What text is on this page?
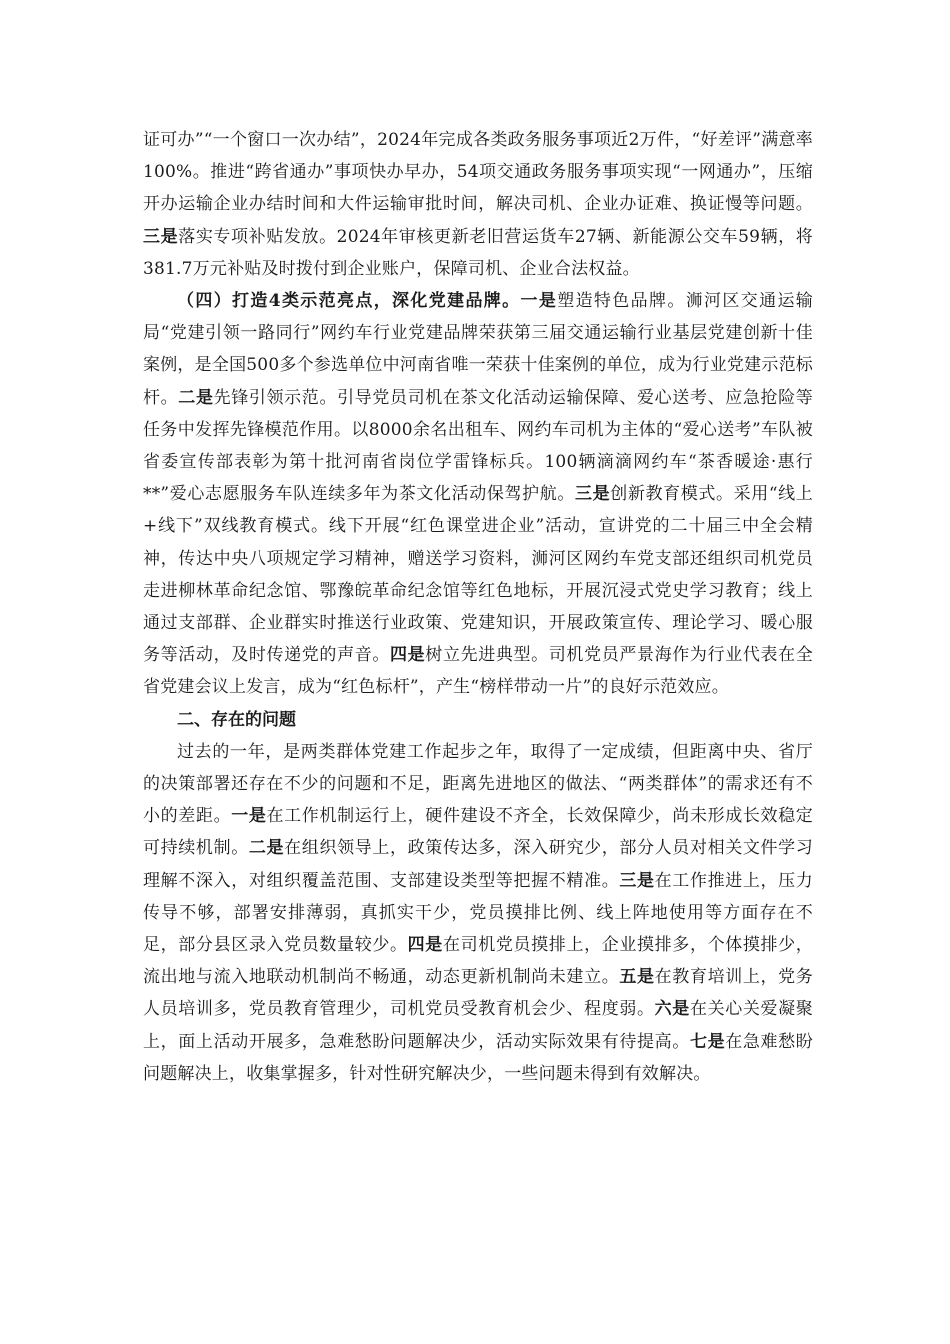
证可办”“一个窗口一次办结”，2024年完成各类政务服务事项近2万件，“好差评”满意率100%。推进“跨省通办”事项快办早办，54项交通政务服务事项实现“一网通办”，压缩开办运输企业办结时间和大件运输审批时间，解决司机、企业办证难、换证慢等问题。三是落实专项补贴发放。2024年审核更新老旧营运货车27辆、新能源公交车59辆，将381.7万元补贴及时拨付到企业账户，保障司机、企业合法权益。

（四）打造4类示范亮点，深化党建品牌。一是塑造特色品牌。浉河区交通运输局“党建引领一路同行”网约车行业党建品牌荣获第三届交通运输行业基层党建创新十佳案例，是全国500多个参选单位中河南省唯一荣获十佳案例的单位，成为行业党建示范标杆。二是先锋引领示范。引导党员司机在茶文化活动运输保障、爱心送考、应急抢险等任务中发挥先锋模范作用。以8000余名出租车、网约车司机为主体的“爱心送考”车队被省委宣传部表彰为第十批河南省岗位学雷锋标兵。100辆滴滴网约车“茶香暖途·惠行**”爱心志愿服务车队连续多年为茶文化活动保驾护航。三是创新教育模式。采用“线上+线下”双线教育模式。线下开展“红色课堂进企业”活动，宣讲党的二十届三中全会精神，传达中央八项规定学习精神，赠送学习资料，浉河区网约车党支部还组织司机党员走进柳林革命纪念馆、鄂豫皖革命纪念馆等红色地标，开展沉浸式党史学习教育；线上通过支部群、企业群实时推送行业政策、党建知识，开展政策宣传、理论学习、暖心服务等活动，及时传递党的声音。四是树立先进典型。司机党员严景海作为行业代表在全省党建会议上发言，成为“红色标杆”，产生“榜样带动一片”的良好示范效应。

二、存在的问题

过去的一年，是两类群体党建工作起步之年，取得了一定成绩，但距离中央、省厅的决策部署还存在不少的问题和不足，距离先进地区的做法、“两类群体”的需求还有不小的差距。一是在工作机制运行上，硬件建设不齐全，长效保障少，尚未形成长效稳定可持续机制。二是在组织领导上，政策传达多，深入研究少，部分人员对相关文件学习理解不深入，对组织覆盖范围、支部建设类型等把握不精准。三是在工作推进上，压力传导不够，部署安排薄弱，真抓实干少，党员摸排比例、线上阵地使用等方面存在不足，部分县区录入党员数量较少。四是在司机党员摸排上，企业摸排多，个体摸排少，流出地与流入地联动机制尚不畅通，动态更新机制尚未建立。五是在教育培训上，党务人员培训多，党员教育管理少，司机党员受教育机会少、程度弱。六是在关心关爱凝聚上，面上活动开展多，急难愁盼问题解决少，活动实际效果有待提高。七是在急难愁盼问题解决上，收集掌握多，针对性研究解决少，一些问题未得到有效解决。
